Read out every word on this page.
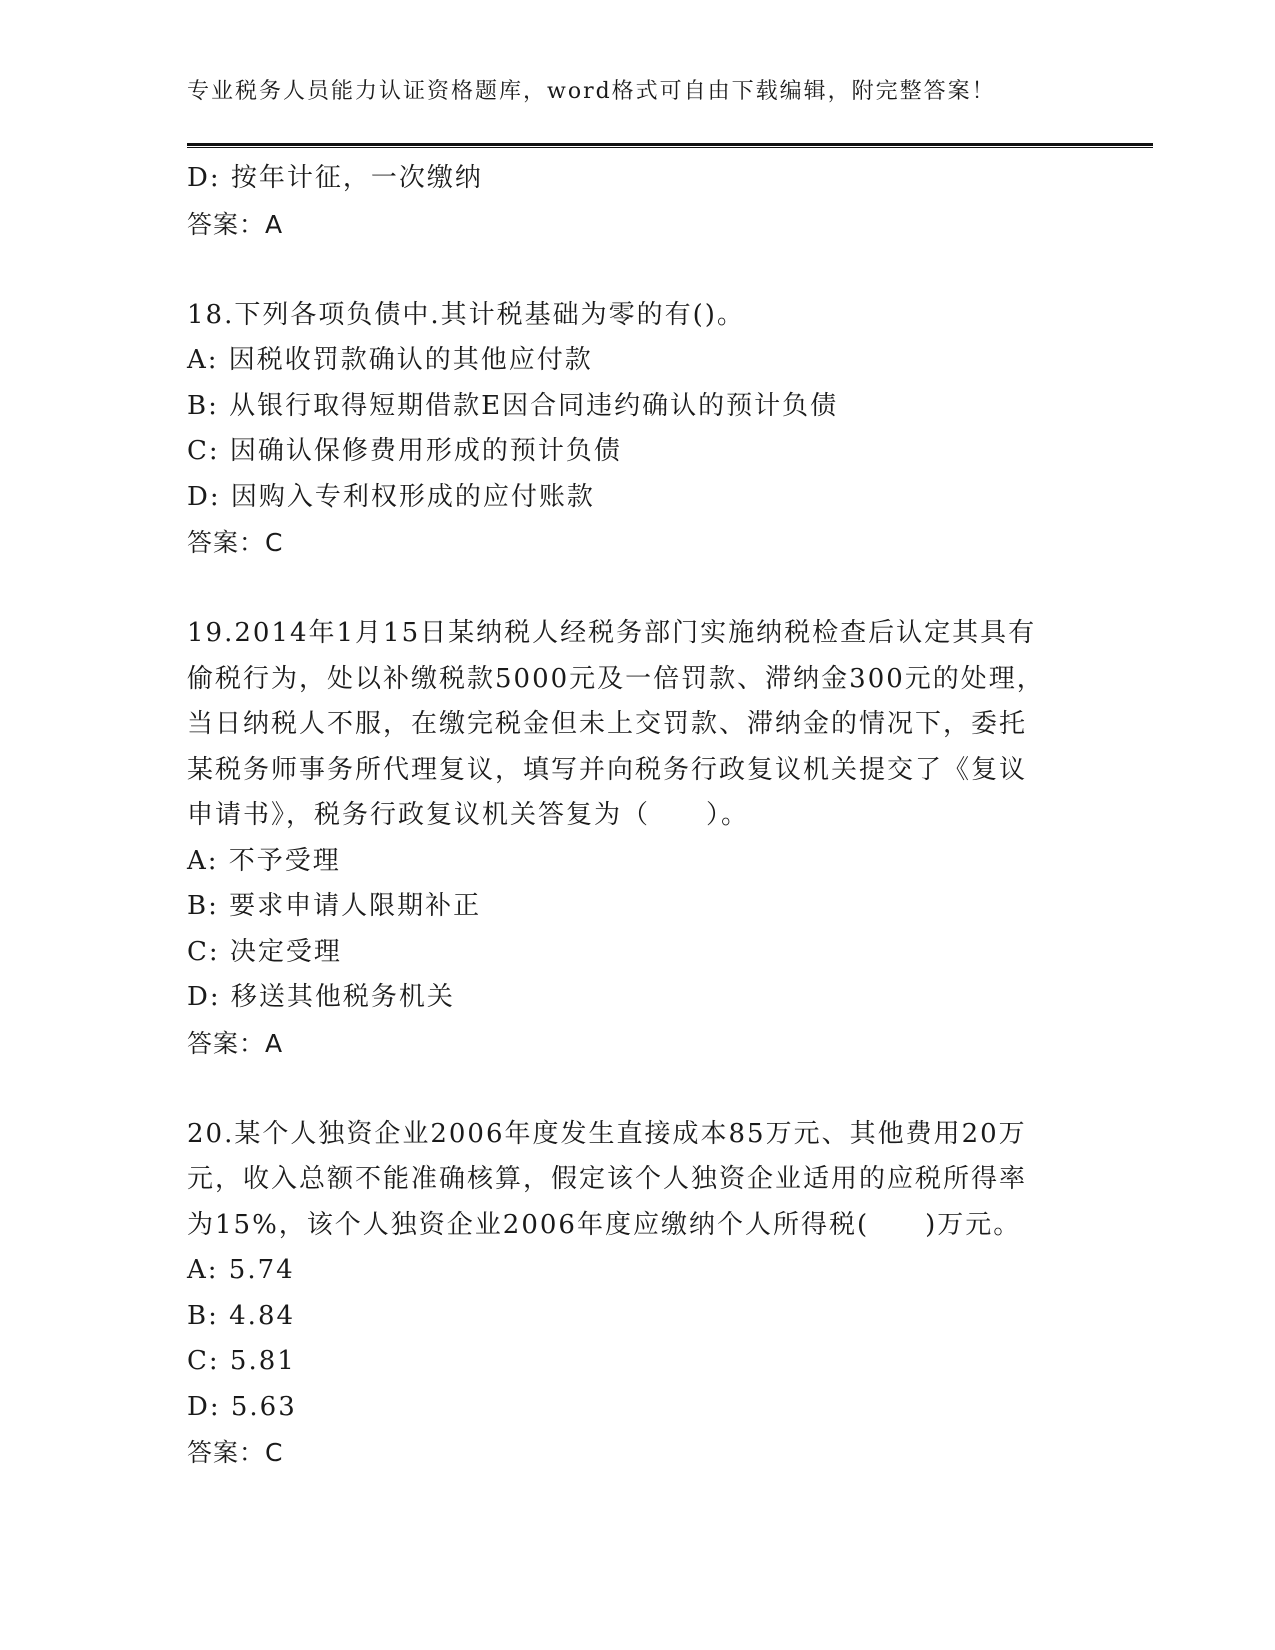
专业税务人员能力认证资格题库，word格式可自由下载编辑，附完整答案！
D: 按年计征，一次缴纳
答案：A
18.下列各项负债中.其计税基础为零的有()。
A: 因税收罚款确认的其他应付款
B: 从银行取得短期借款E因合同违约确认的预计负债
C: 因确认保修费用形成的预计负债
D: 因购入专利权形成的应付账款
答案：C
19.2014年1月15日某纳税人经税务部门实施纳税检查后认定其具有
偷税行为，处以补缴税款5000元及一倍罚款、滞纳金300元的处理，
当日纳税人不服，在缴完税金但未上交罚款、滞纳金的情况下，委托
某税务师事务所代理复议，填写并向税务行政复议机关提交了《复议
申请书》，税务行政复议机关答复为（　　）。
A: 不予受理
B: 要求申请人限期补正
C: 决定受理
D: 移送其他税务机关
答案：A
20.某个人独资企业2006年度发生直接成本85万元、其他费用20万
元，收入总额不能准确核算，假定该个人独资企业适用的应税所得率
为15%，该个人独资企业2006年度应缴纳个人所得税(　　)万元。
A: 5.74
B: 4.84
C: 5.81
D: 5.63
答案：C
